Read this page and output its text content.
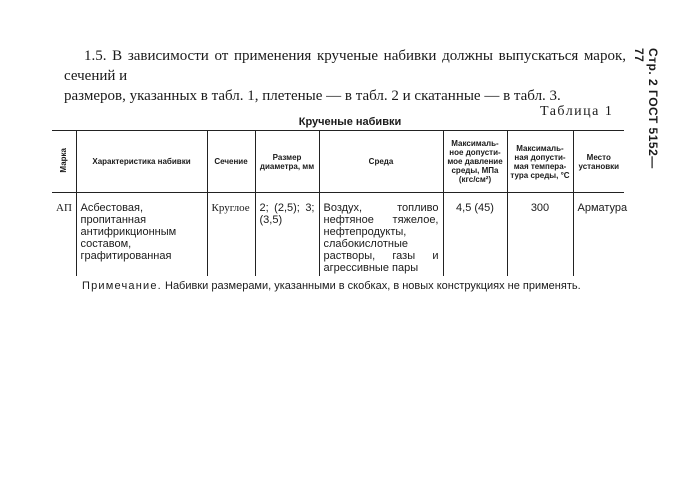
1.5. В зависимости от применения крученые набивки должны выпускаться марок, сечений и
размеров, указанных в табл. 1, плетеные — в табл. 2 и скатанные — в табл. 3.	Стр. 2 ГОСТ 5152—77
Таблица 1
Крученые набивки
Марка	Характеристика набивки	Сечение	Размер диаметра, мм	Среда	Максималь-ное допусти-мое давление среды, МПа (кгс/см²)	Максималь-ная допусти-мая темпера-тура среды, °С	Место установки
АП	Асбестовая, пропитанная антифрикционным составом, графитированная	Круглое	2; (2,5); 3; (3,5)	Воздух, топливо нефтяное тяжелое, нефтепродукты, слабокислотные растворы, газы и агрессивные пары	4,5 (45)	300	Арматура
Примечание. Набивки размерами, указанными в скобках, в новых конструкциях не применять.
